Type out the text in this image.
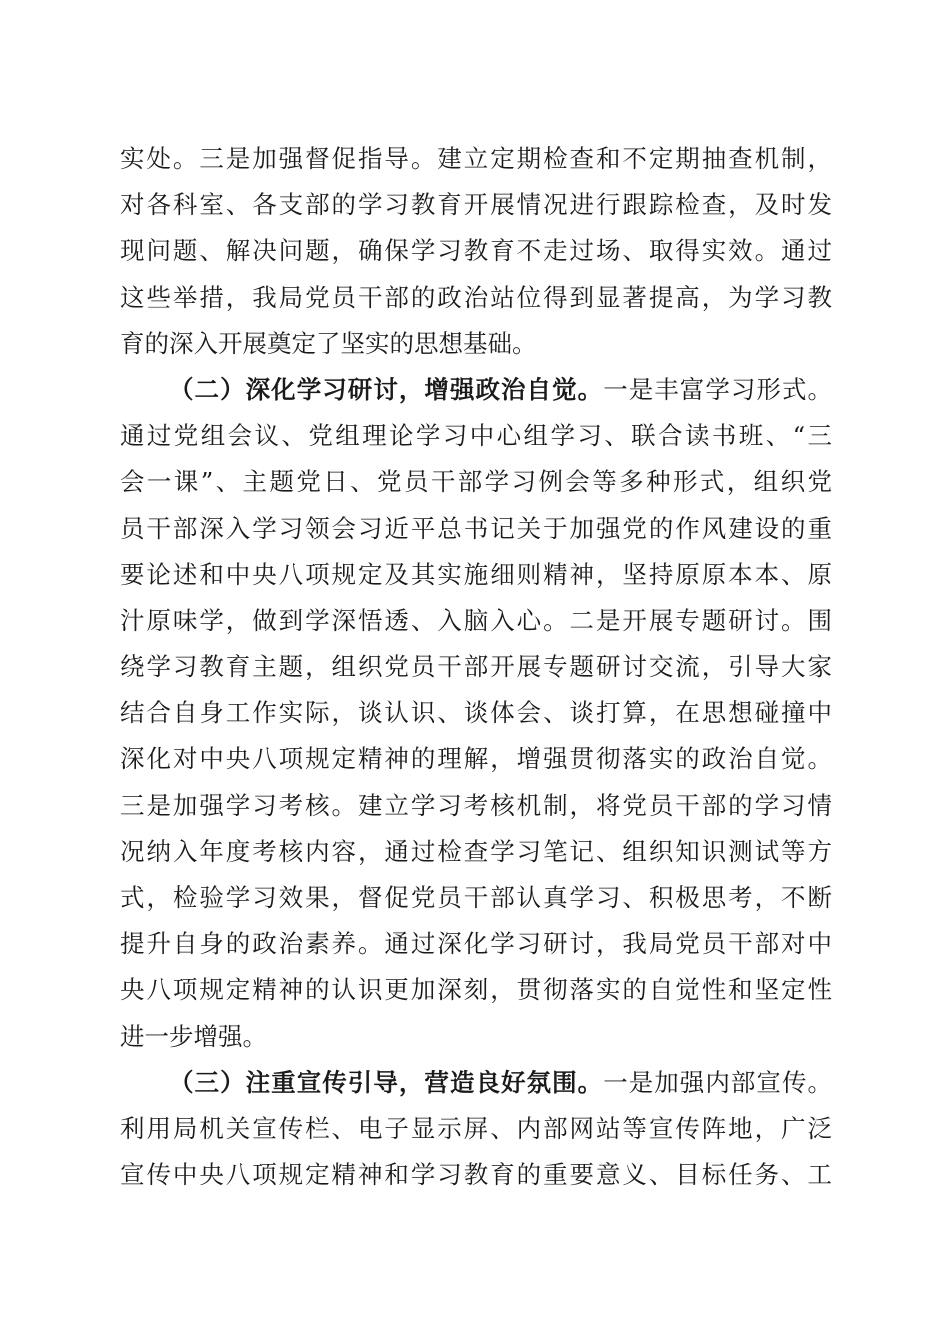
实处。三是加强督促指导。建立定期检查和不定期抽查机制，
对各科室、各支部的学习教育开展情况进行跟踪检查，及时发
现问题、解决问题，确保学习教育不走过场、取得实效。通过
这些举措，我局党员干部的政治站位得到显著提高，为学习教
育的深入开展奠定了坚实的思想基础。
（二）深化学习研讨，增强政治自觉。一是丰富学习形式。
通过党组会议、党组理论学习中心组学习、联合读书班、“三
会一课”、主题党日、党员干部学习例会等多种形式，组织党
员干部深入学习领会习近平总书记关于加强党的作风建设的重
要论述和中央八项规定及其实施细则精神，坚持原原本本、原
汁原味学，做到学深悟透、入脑入心。二是开展专题研讨。围
绕学习教育主题，组织党员干部开展专题研讨交流，引导大家
结合自身工作实际，谈认识、谈体会、谈打算，在思想碰撞中
深化对中央八项规定精神的理解，增强贯彻落实的政治自觉。
三是加强学习考核。建立学习考核机制，将党员干部的学习情
况纳入年度考核内容，通过检查学习笔记、组织知识测试等方
式，检验学习效果，督促党员干部认真学习、积极思考，不断
提升自身的政治素养。通过深化学习研讨，我局党员干部对中
央八项规定精神的认识更加深刻，贯彻落实的自觉性和坚定性
进一步增强。
（三）注重宣传引导，营造良好氛围。一是加强内部宣传。
利用局机关宣传栏、电子显示屏、内部网站等宣传阵地，广泛
宣传中央八项规定精神和学习教育的重要意义、目标任务、工
